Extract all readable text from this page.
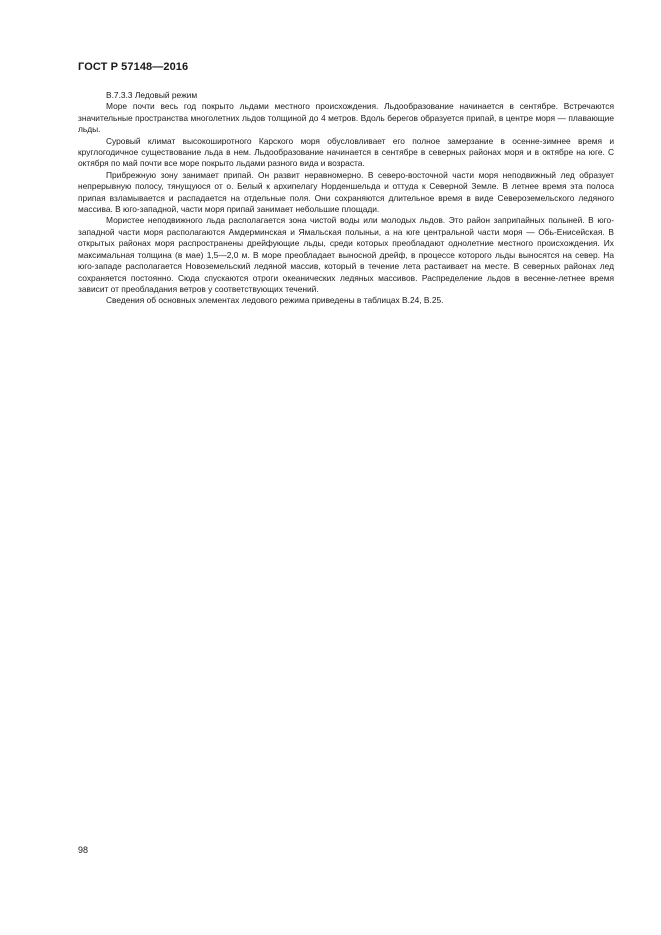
ГОСТ Р 57148—2016

В.7.3.3 Ледовый режим

Море почти весь год покрыто льдами местного происхождения. Льдообразование начинается в сентябре. Встречаются значительные пространства многолетних льдов толщиной до 4 метров. Вдоль берегов образуется припай, в центре моря — плавающие льды.

Суровый климат высокоширотного Карского моря обусловливает его полное замерзание в осенне-зимнее время и круглогодичное существование льда в нем. Льдообразование начинается в сентябре в северных районах моря и в октябре на юге. С октября по май почти все море покрыто льдами разного вида и возраста.

Прибрежную зону занимает припай. Он развит неравномерно. В северо-восточной части моря неподвижный лед образует непрерывную полосу, тянущуюся от о. Белый к архипелагу Норденшельда и оттуда к Северной Земле. В летнее время эта полоса припая взламывается и распадается на отдельные поля. Они сохраняются длительное время в виде Североземельского ледяного массива. В юго-западной, части моря припай занимает небольшие площади.

Мористее неподвижного льда располагается зона чистой воды или молодых льдов. Это район заприпайных полыней. В юго-западной части моря располагаются Амдерминская и Ямальская полыньи, а на юге центральной части моря — Обь-Енисейская. В открытых районах моря распространены дрейфующие льды, среди которых преобладают однолетние местного происхождения. Их максимальная толщина (в мае) 1,5—2,0 м. В море преобладает выносной дрейф, в процессе которого льды выносятся на север. На юго-западе располагается Новоземельский ледяной массив, который в течение лета растаивает на месте. В северных районах лед сохраняется постоянно. Сюда спускаются отроги океанических ледяных массивов. Распределение льдов в весенне-летнее время зависит от преобладания ветров у соответствующих течений.

Сведения об основных элементах ледового режима приведены в таблицах В.24, В.25.

98
